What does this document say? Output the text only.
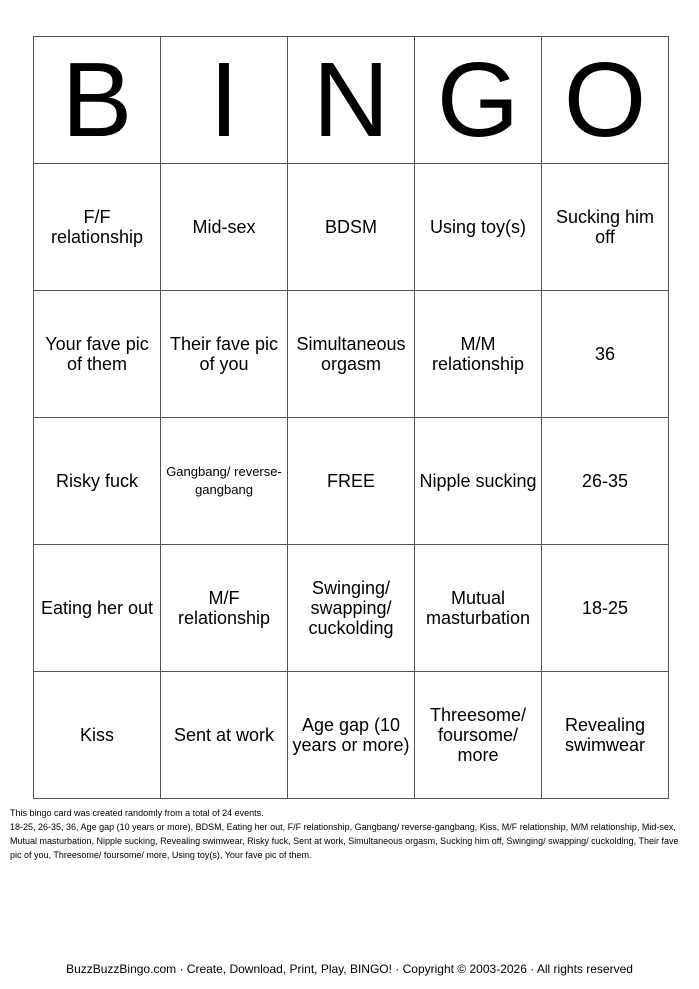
B	I	N	G	O
F/F relationship	Mid-sex	BDSM	Using toy(s)	Sucking him off
Your fave pic of them	Their fave pic of you	Simultaneous orgasm	M/M relationship	36
Risky fuck	Gangbang/ reverse-gangbang	FREE	Nipple sucking	26-35
Eating her out	M/F relationship	Swinging/ swapping/ cuckolding	Mutual masturbation	18-25
Kiss	Sent at work	Age gap (10 years or more)	Threesome/ foursome/ more	Revealing swimwear
This bingo card was created randomly from a total of 24 events.
18-25, 26-35, 36, Age gap (10 years or more), BDSM, Eating her out, F/F relationship, Gangbang/ reverse-gangbang, Kiss, M/F relationship, M/M relationship, Mid-sex, Mutual masturbation, Nipple sucking, Revealing swimwear, Risky fuck, Sent at work, Simultaneous orgasm, Sucking him off, Swinging/ swapping/ cuckolding, Their fave pic of you, Threesome/ foursome/ more, Using toy(s), Your fave pic of them.
BuzzBuzzBingo.com · Create, Download, Print, Play, BINGO! · Copyright © 2003-2026 · All rights reserved
